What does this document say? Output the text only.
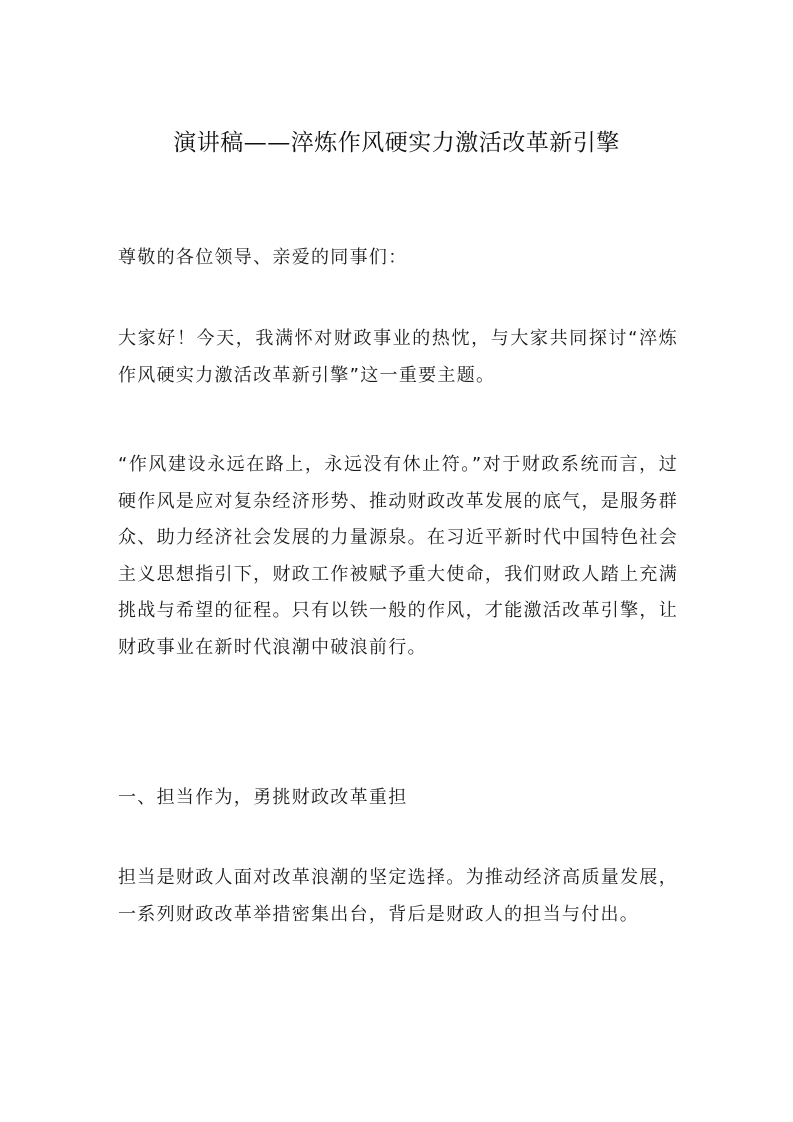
演讲稿——淬炼作风硬实力激活改革新引擎
尊敬的各位领导、亲爱的同事们：
大家好！今天，我满怀对财政事业的热忱，与大家共同探讨“淬炼作风硬实力激活改革新引擎”这一重要主题。
“作风建设永远在路上，永远没有休止符。”对于财政系统而言，过硬作风是应对复杂经济形势、推动财政改革发展的底气，是服务群众、助力经济社会发展的力量源泉。在习近平新时代中国特色社会主义思想指引下，财政工作被赋予重大使命，我们财政人踏上充满挑战与希望的征程。只有以铁一般的作风，才能激活改革引擎，让财政事业在新时代浪潮中破浪前行。
一、担当作为，勇挑财政改革重担
担当是财政人面对改革浪潮的坚定选择。为推动经济高质量发展，一系列财政改革举措密集出台，背后是财政人的担当与付出。
